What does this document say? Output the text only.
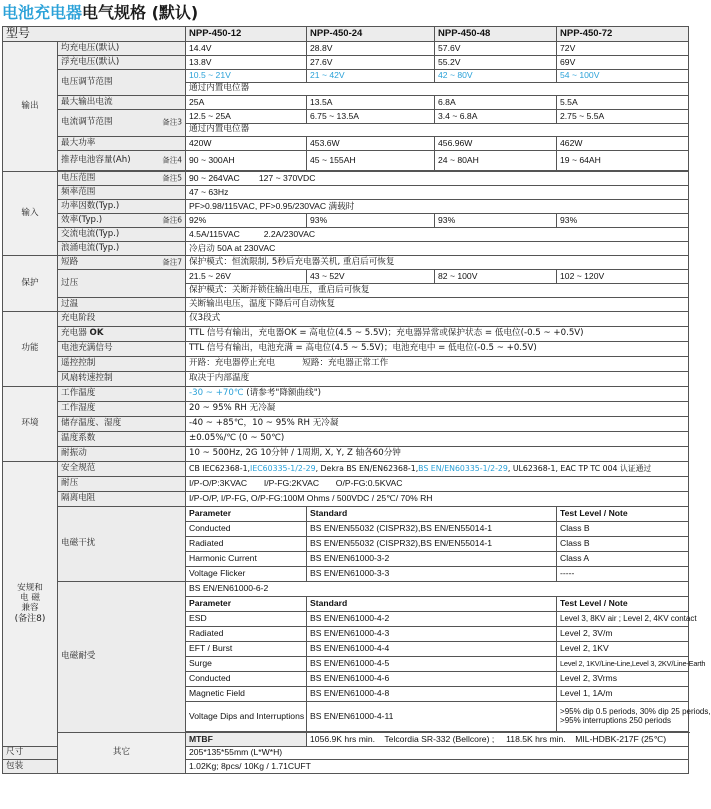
电池充电器电气规格 (默认)
型号		NPP-450-12	NPP-450-24	NPP-450-48	NPP-450-72
输出	均充电压(默认)	14.4V	28.8V	57.6V	72V
	浮充电压(默认)	13.8V	27.6V	55.2V	69V
	电压调节范围	10.5 ~ 21V	21 ~ 42V	42 ~ 80V	54 ~ 100V
		通过内置电位器			
	最大输出电流	25A	13.5A	6.8A	5.5A
	电流调节范围 备注3	12.5 ~ 25A	6.75 ~ 13.5A	3.4 ~ 6.8A	2.75 ~ 5.5A
		通过内置电位器			
	最大功率	420W	453.6W	456.96W	462W
	推荐电池容量(Ah) 备注4	90 ~ 300AH	45 ~ 155AH	24 ~ 80AH	19 ~ 64AH

输入	电压范围 备注5	90 ~ 264VAC        127 ~ 370VDC			
	频率范围	47 ~ 63Hz			
	功率因数(Typ.)	PF>0.98/115VAC, PF>0.95/230VAC 满载时			
	效率(Typ.) 备注6	92%	93%	93%	93%
	交流电流(Typ.)	4.5A/115VAC          2.2A/230VAC			
	浪涌电流(Typ.)	冷启动 50A at 230VAC			
保护	短路 备注7	保护模式：恒流限制, 5秒后充电器关机, 重启后可恢复			
	过压	21.5 ~ 26V	43 ~ 52V	82 ~ 100V	102 ~ 120V
		保护模式：关断并锁住输出电压，重启后可恢复			
	过温	关断输出电压，温度下降后可自动恢复			
功能	充电阶段	仅3段式			
	充电器 OK	TTL 信号有输出，充电器OK = 高电位(4.5 ~ 5.5V)；充电器异常或保护状态 = 低电位(-0.5 ~ +0.5V)			
	电池充满信号	TTL 信号有输出，电池充满 = 高电位(4.5 ~ 5.5V)；电池充电中 = 低电位(-0.5 ~ +0.5V)			
	遥控控制	开路：充电器停止充电          短路：充电器正常工作			
	风扇转速控制	取决于内部温度			
环境	工作温度	-30 ~ +70℃ (请参考"降额曲线")			
	工作湿度	20 ~ 95% RH 无冷凝			
	储存温度、湿度	-40 ~ +85℃，10 ~ 95% RH 无冷凝			
	温度系数	±0.05%/℃ (0 ~ 50℃)			
	耐振动	10 ~ 500Hz, 2G 10分钟 / 1周期, X, Y, Z 轴各60分钟			

安规和
电 磁
兼容
(备注8)	安全规范	CB IEC62368-1,IEC60335-1/2-29, Dekra BS EN/EN62368-1,BS EN/EN60335-1/2-29, UL62368-1, EAC TP TC 004 认证通过			
	耐压	I/P-O/P:3KVAC       I/P-FG:2KVAC       O/P-FG:0.5KVAC			
	隔离电阻	I/P-O/P, I/P-FG, O/P-FG:100M Ohms / 500VDC / 25℃/ 70% RH			
	电磁干扰	Parameter	Standard		Test Level / Note
		Conducted	BS EN/EN55032 (CISPR32),BS EN/EN55014-1		Class B
		Radiated	BS EN/EN55032 (CISPR32),BS EN/EN55014-1		Class B
		Harmonic Current	BS EN/EN61000-3-2		Class A
		Voltage Flicker	BS EN/EN61000-3-3		-----
	电磁耐受	BS EN/EN61000-6-2			
		Parameter	Standard		Test Level / Note
		ESD	BS EN/EN61000-4-2		Level 3, 8KV air ; Level 2, 4KV contact
		Radiated	BS EN/EN61000-4-3		Level 2, 3V/m
		EFT / Burst	BS EN/EN61000-4-4		Level 2, 1KV
		Surge	BS EN/EN61000-4-5		Level 2, 1KV/Line-Line,Level 3, 2KV/Line-Earth
		Conducted	BS EN/EN61000-4-6		Level 2, 3Vrms
		Magnetic Field	BS EN/EN61000-4-8		Level 1, 1A/m
		Voltage Dips and Interruptions	BS EN/EN61000-4-11		>95% dip 0.5 periods, 30% dip 25 periods,
>95% interruptions 250 periods

	其它	MTBF	1056.9K hrs min.    Telcordia SR-332 (Bellcore) ;     118.5K hrs min.    MIL-HDBK-217F (25℃)		
尺寸		205*135*55mm (L*W*H)			
包装		1.02Kg; 8pcs/ 10Kg / 1.71CUFT			
